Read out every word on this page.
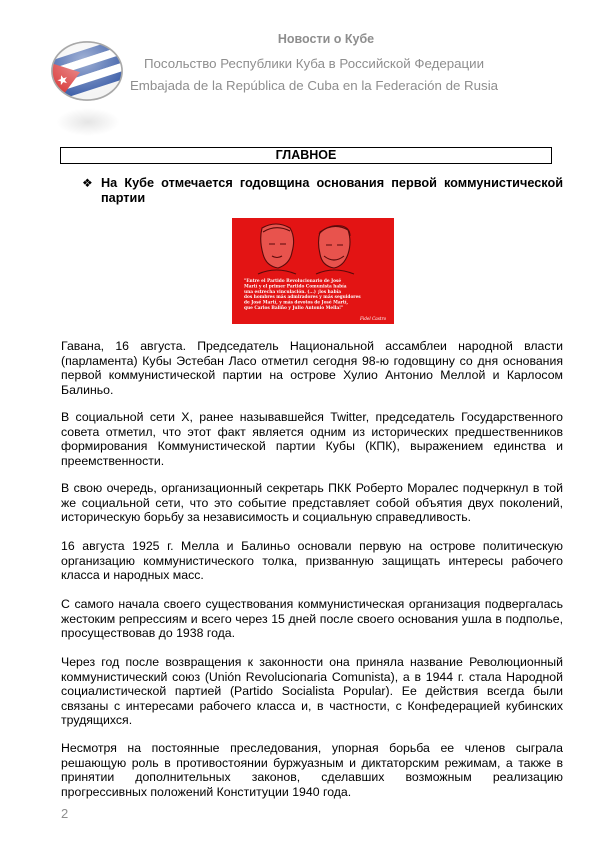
Новости о Кубе
Посольство Республики Куба в Российской Федерации
Embajada de la República de Cuba en la Federación de Rusia
ГЛАВНОЕ
❖ На Кубе отмечается годовщина основания первой коммунистической партии
"Entre el Partido Revolucionario de José Martí y el primer Partido Comunista había una estrecha vinculación. (...) ¡los había dos hombres más admiradores y más seguidores de José Martí, y más devotos de José Martí, que Carlos Baliño y Julio Antonio Mella!"
Fidel Castro
Гавана, 16 августа. Председатель Национальной ассамблеи народной власти (парламента) Кубы Эстебан Ласо отметил сегодня 98-ю годовщину со дня основания первой коммунистической партии на острове Хулио Антонио Меллой и Карлосом Балиньо.
В социальной сети X, ранее называвшейся Twitter, председатель Государственного совета отметил, что этот факт является одним из исторических предшественников формирования Коммунистической партии Кубы (КПК), выражением единства и преемственности.
В свою очередь, организационный секретарь ПКК Роберто Моралес подчеркнул в той же социальной сети, что это событие представляет собой объятия двух поколений, историческую борьбу за независимость и социальную справедливость.
16 августа 1925 г. Мелла и Балиньо основали первую на острове политическую организацию коммунистического толка, призванную защищать интересы рабочего класса и народных масс.
С самого начала своего существования коммунистическая организация подвергалась жестоким репрессиям и всего через 15 дней после своего основания ушла в подполье, просуществовав до 1938 года.
Через год после возвращения к законности она приняла название Революционный коммунистический союз (Unión Revolucionaria Comunista), а в 1944 г. стала Народной социалистической партией (Partido Socialista Popular). Ее действия всегда были связаны с интересами рабочего класса и, в частности, с Конфедерацией кубинских трудящихся.
Несмотря на постоянные преследования, упорная борьба ее членов сыграла решающую роль в противостоянии буржуазным и диктаторским режимам, а также в принятии дополнительных законов, сделавших возможным реализацию прогрессивных положений Конституции 1940 года.
2
